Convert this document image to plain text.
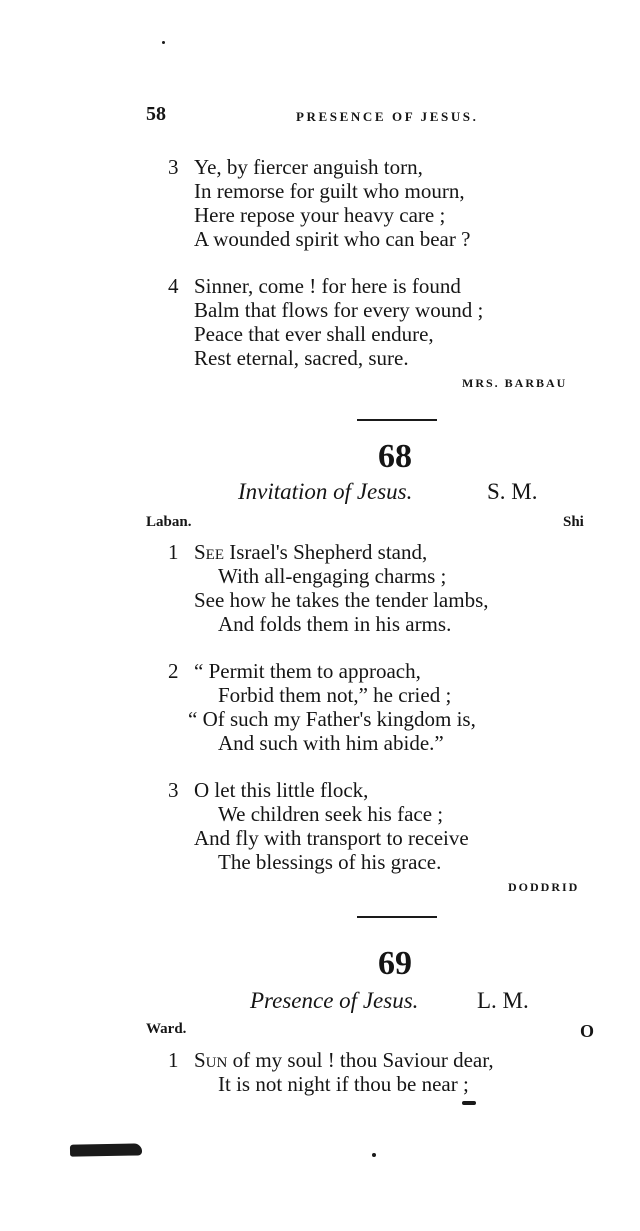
58	PRESENCE OF JESUS.
3 Ye, by fiercer anguish torn,
In remorse for guilt who mourn,
Here repose your heavy care ;
A wounded spirit who can bear ?
4 Sinner, come ! for here is found
Balm that flows for every wound ;
Peace that ever shall endure,
Rest eternal, sacred, sure.
MRS. BARBAU
68
Invitation of Jesus.	S. M.
Laban.	Shi
1 See Israel's Shepherd stand,
With all-engaging charms ;
See how he takes the tender lambs,
And folds them in his arms.
2 “ Permit them to approach,
Forbid them not,” he cried ;
“ Of such my Father's kingdom is,
And such with him abide.”
3 O let this little flock,
We children seek his face ;
And fly with transport to receive
The blessings of his grace.
DODDRID
69
Presence of Jesus.	L. M.
Ward.	O
1 Sun of my soul ! thou Saviour dear,
It is not night if thou be near ;
